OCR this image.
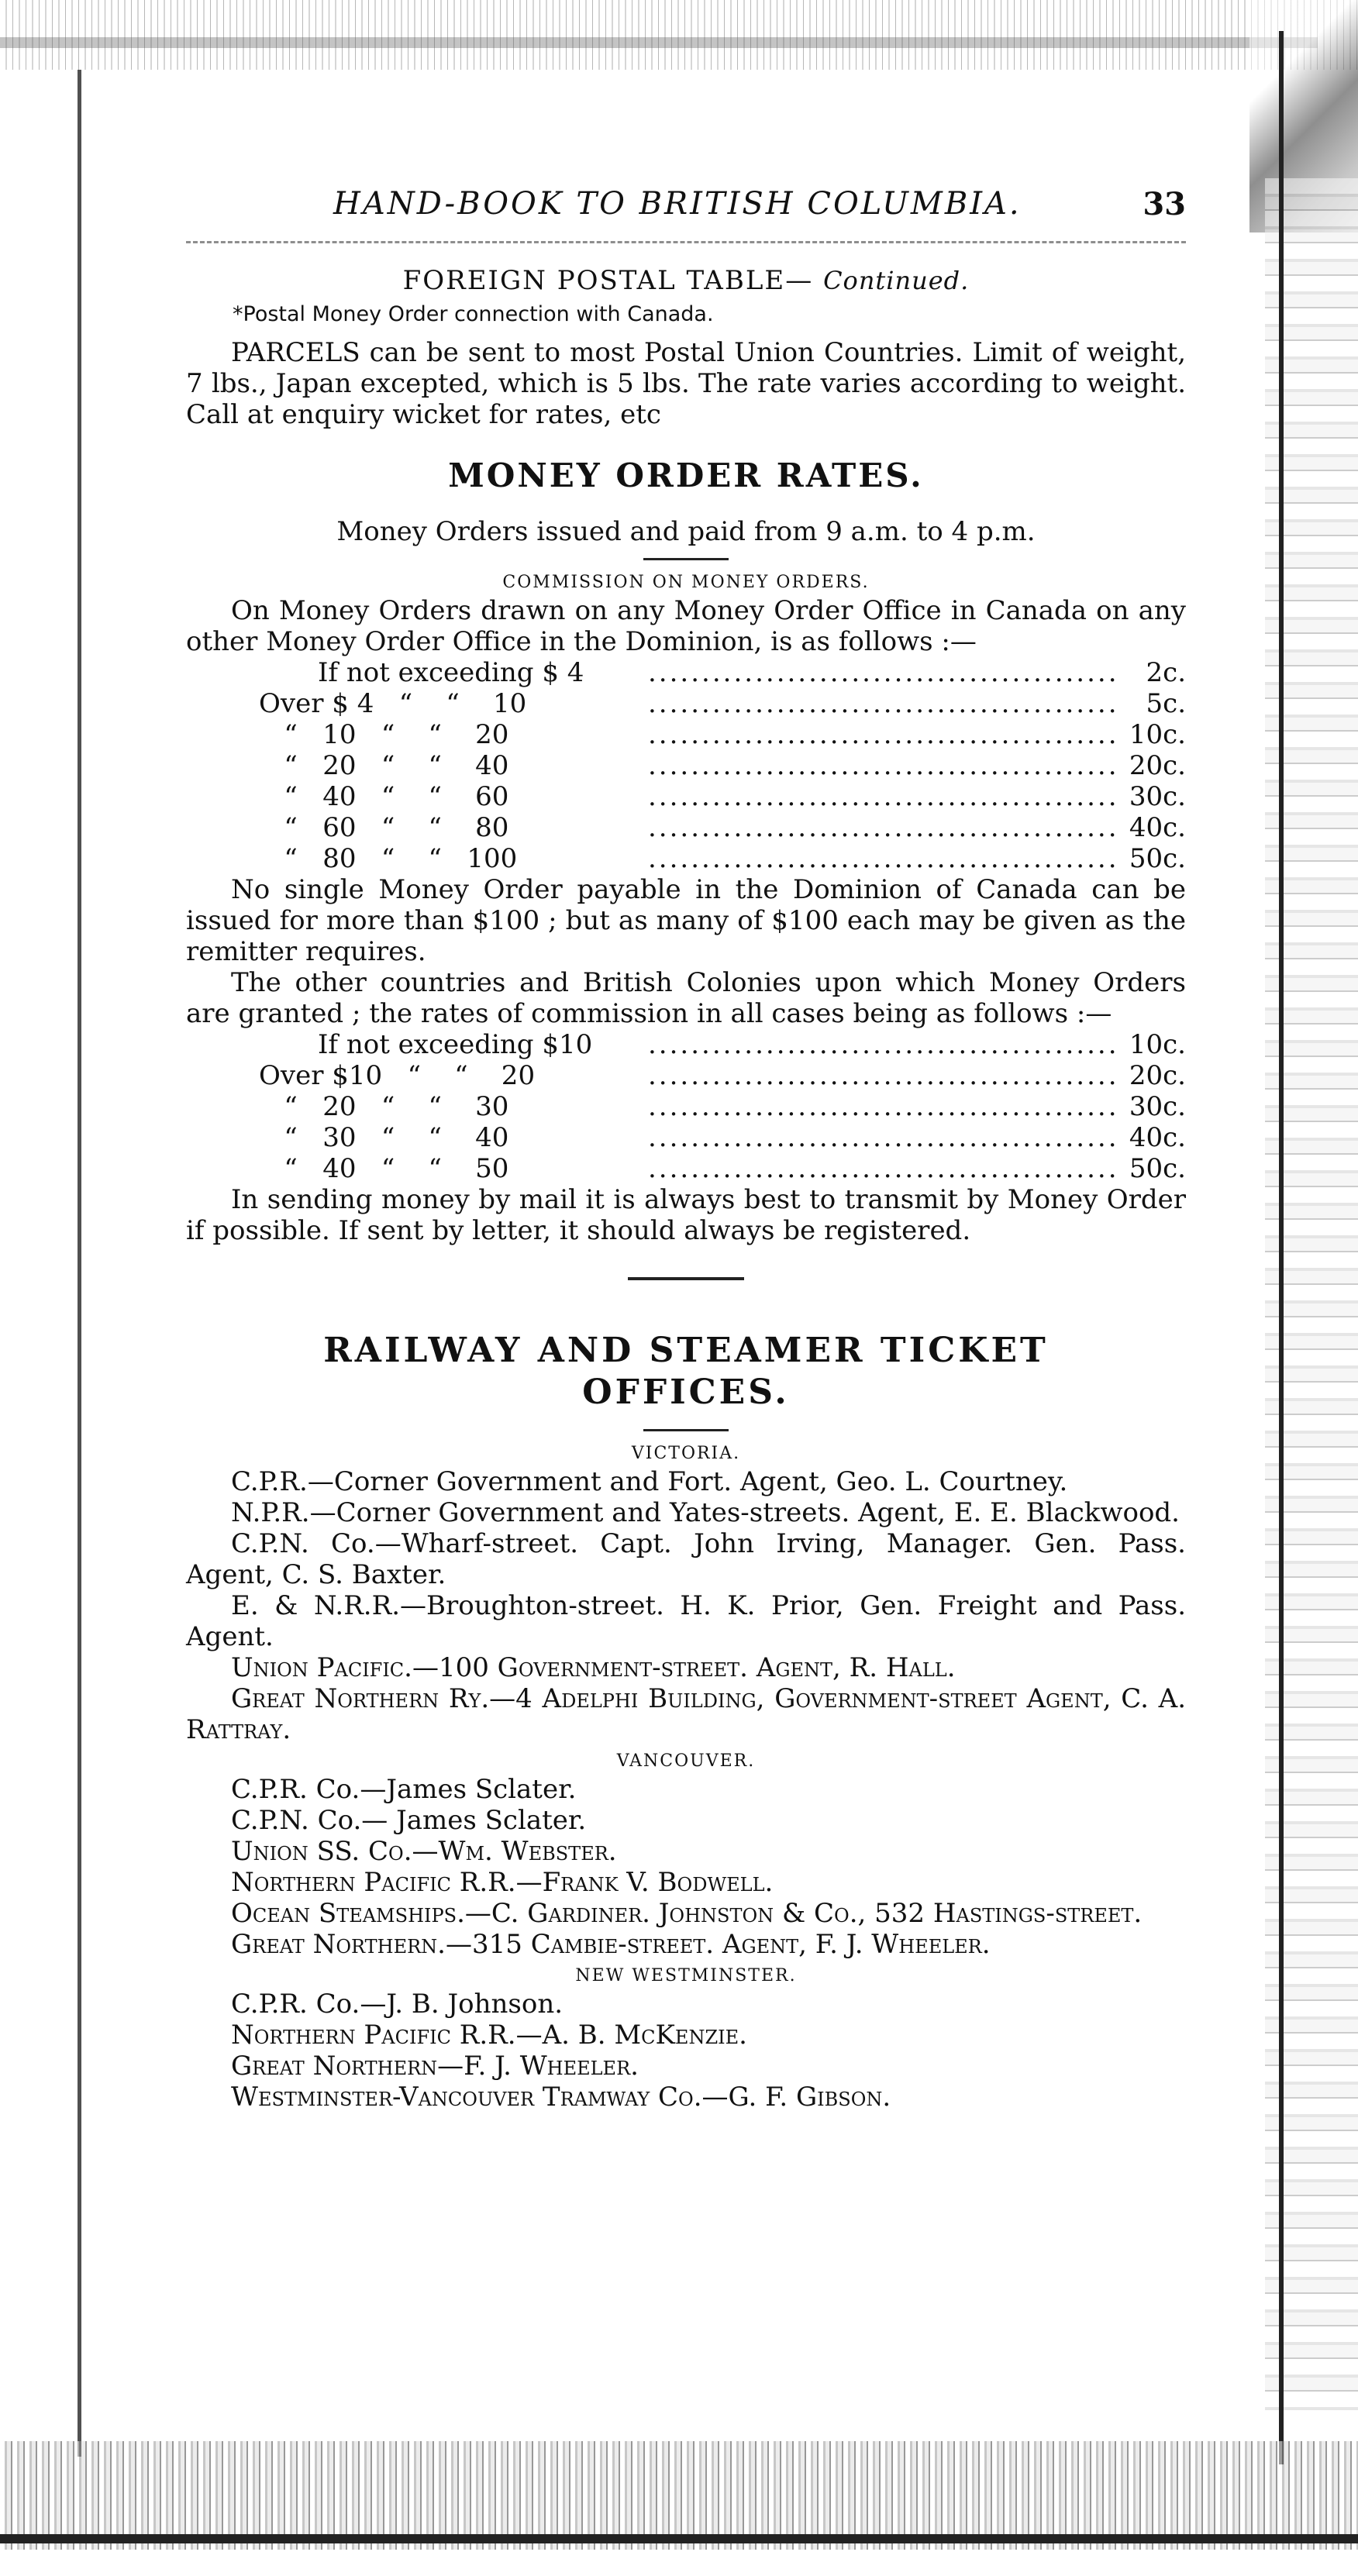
HAND-BOOK TO BRITISH COLUMBIA.	33
FOREIGN POSTAL TABLE— Continued.
*Postal Money Order connection with Canada.

PARCELS can be sent to most Postal Union Countries. Limit of weight, 7 lbs., Japan excepted, which is 5 lbs. The rate varies according to weight. Call at enquiry wicket for rates, etc

MONEY ORDER RATES.
Money Orders issued and paid from 9 a.m. to 4 p.m.
COMMISSION ON MONEY ORDERS.

On Money Orders drawn on any Money Order Office in Canada on any other Money Order Office in the Dominion, is as follows :—

If not exceeding $ 4 .....	2c.
Over $ 4   “    “    10 .....	5c.
“   10   “    “    20 .....	10c.
“   20   “    “    40 .....	20c.
“   40   “    “    60 .....	30c.
“   60   “    “    80 .....	40c.
“   80   “    “   100 .....	50c.

No single Money Order payable in the Dominion of Canada can be issued for more than $100 ; but as many of $100 each may be given as the remitter requires.

The other countries and British Colonies upon which Money Orders are granted ; the rates of commission in all cases being as follows :—

If not exceeding $10 .....	10c.
Over $10   “    “    20 .....	20c.
“   20   “    “    30 .....	30c.
“   30   “    “    40 .....	40c.
“   40   “    “    50 .....	50c.

In sending money by mail it is always best to transmit by Money Order if possible. If sent by letter, it should always be registered.

RAILWAY AND STEAMER TICKET
OFFICES.
VICTORIA.
C.P.R.—Corner Government and Fort. Agent, Geo. L. Courtney.
N.P.R.—Corner Government and Yates-streets. Agent, E. E. Blackwood.
C.P.N. Co.—Wharf-street. Capt. John Irving, Manager. Gen. Pass. Agent, C. S. Baxter.
E. & N.R.R.—Broughton-street. H. K. Prior, Gen. Freight and Pass. Agent.
Union Pacific.—100 Government-street. Agent, R. Hall.
Great Northern Ry.—4 Adelphi Building, Government-street Agent, C. A. Rattray.
VANCOUVER.
C.P.R. Co.—James Sclater.
C.P.N. Co.— James Sclater.
Union SS. Co.—Wm. Webster.
Northern Pacific R.R.—Frank V. Bodwell.
Ocean Steamships.—C. Gardiner. Johnston & Co., 532 Hastings-street.
Great Northern.—315 Cambie-street. Agent, F. J. Wheeler.
NEW WESTMINSTER.
C.P.R. Co.—J. B. Johnson.
Northern Pacific R.R.—A. B. McKenzie.
Great Northern—F. J. Wheeler.
Westminster-Vancouver Tramway Co.—G. F. Gibson.
